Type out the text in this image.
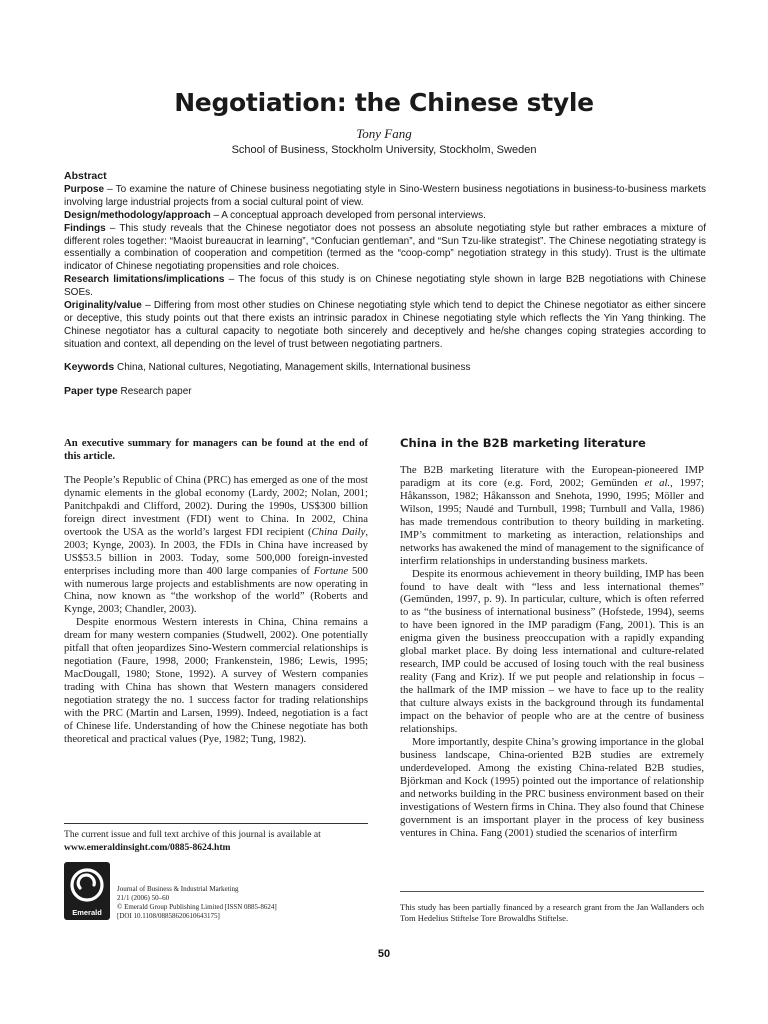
Negotiation: the Chinese style
Tony Fang
School of Business, Stockholm University, Stockholm, Sweden
Abstract

Purpose – To examine the nature of Chinese business negotiating style in Sino-Western business negotiations in business-to-business markets involving large industrial projects from a social cultural point of view.

Design/methodology/approach – A conceptual approach developed from personal interviews.

Findings – This study reveals that the Chinese negotiator does not possess an absolute negotiating style but rather embraces a mixture of different roles together: “Maoist bureaucrat in learning”, “Confucian gentleman”, and “Sun Tzu-like strategist”. The Chinese negotiating strategy is essentially a combination of cooperation and competition (termed as the “coop-comp” negotiation strategy in this study). Trust is the ultimate indicator of Chinese negotiating propensities and role choices.

Research limitations/implications – The focus of this study is on Chinese negotiating style shown in large B2B negotiations with Chinese SOEs.

Originality/value – Differing from most other studies on Chinese negotiating style which tend to depict the Chinese negotiator as either sincere or deceptive, this study points out that there exists an intrinsic paradox in Chinese negotiating style which reflects the Yin Yang thinking. The Chinese negotiator has a cultural capacity to negotiate both sincerely and deceptively and he/she changes coping strategies according to situation and context, all depending on the level of trust between negotiating partners.

Keywords China, National cultures, Negotiating, Management skills, International business
Paper type Research paper

An executive summary for managers can be found at the end of this article.

The People’s Republic of China (PRC) has emerged as one of the most dynamic elements in the global economy (Lardy, 2002; Nolan, 2001; Panitchpakdi and Clifford, 2002). During the 1990s, US$300 billion foreign direct investment (FDI) went to China. In 2002, China overtook the USA as the world’s largest FDI recipient (China Daily, 2003; Kynge, 2003). In 2003, the FDIs in China have increased by US$53.5 billion in 2003. Today, some 500,000 foreign-invested enterprises including more than 400 large companies of Fortune 500 with numerous large projects and establishments are now operating in China, now known as “the workshop of the world” (Roberts and Kynge, 2003; Chandler, 2003).

Despite enormous Western interests in China, China remains a dream for many western companies (Studwell, 2002). One potentially pitfall that often jeopardizes Sino-Western commercial relationships is negotiation (Faure, 1998, 2000; Frankenstein, 1986; Lewis, 1995; MacDougall, 1980; Stone, 1992). A survey of Western companies trading with China has shown that Western managers considered negotiation strategy the no. 1 success factor for trading relationships with the PRC (Martin and Larsen, 1999). Indeed, negotiation is a fact of Chinese life. Understanding of how the Chinese negotiate has both theoretical and practical values (Pye, 1982; Tung, 1982).

The current issue and full text archive of this journal is available at
www.emeraldinsight.com/0885-8624.htm
Emerald
Journal of Business & Industrial Marketing
21/1 (2006) 50–60
© Emerald Group Publishing Limited [ISSN 0885-8624]
[DOI 10.1108/08858620610643175]
China in the B2B marketing literature

The B2B marketing literature with the European-pioneered IMP paradigm at its core (e.g. Ford, 2002; Gemünden et al., 1997; Håkansson, 1982; Håkansson and Snehota, 1990, 1995; Möller and Wilson, 1995; Naudé and Turnbull, 1998; Turnbull and Valla, 1986) has made tremendous contribution to theory building in marketing. IMP’s commitment to marketing as interaction, relationships and networks has awakened the mind of management to the significance of interfirm relationships in understanding business markets.

Despite its enormous achievement in theory building, IMP has been found to have dealt with “less and less international themes” (Gemünden, 1997, p. 9). In particular, culture, which is often referred to as “the business of international business” (Hofstede, 1994), seems to have been ignored in the IMP paradigm (Fang, 2001). This is an enigma given the business preoccupation with a rapidly expanding global market place. By doing less international and culture-related research, IMP could be accused of losing touch with the real business reality (Fang and Kriz). If we put people and relationship in focus – the hallmark of the IMP mission – we have to face up to the reality that culture always exists in the background through its fundamental impact on the behavior of people who are at the centre of business relationships.

More importantly, despite China’s growing importance in the global business landscape, China-oriented B2B studies are extremely underdeveloped. Among the existing China-related B2B studies, Björkman and Kock (1995) pointed out the importance of relationship and networks building in the PRC business environment based on their investigations of Western firms in China. They also found that Chinese government is an imsportant player in the process of key business ventures in China. Fang (2001) studied the scenarios of interfirm

This study has been partially financed by a research grant from the Jan Wallanders och Tom Hedelius Stiftelse Tore Browaldhs Stiftelse.
50
